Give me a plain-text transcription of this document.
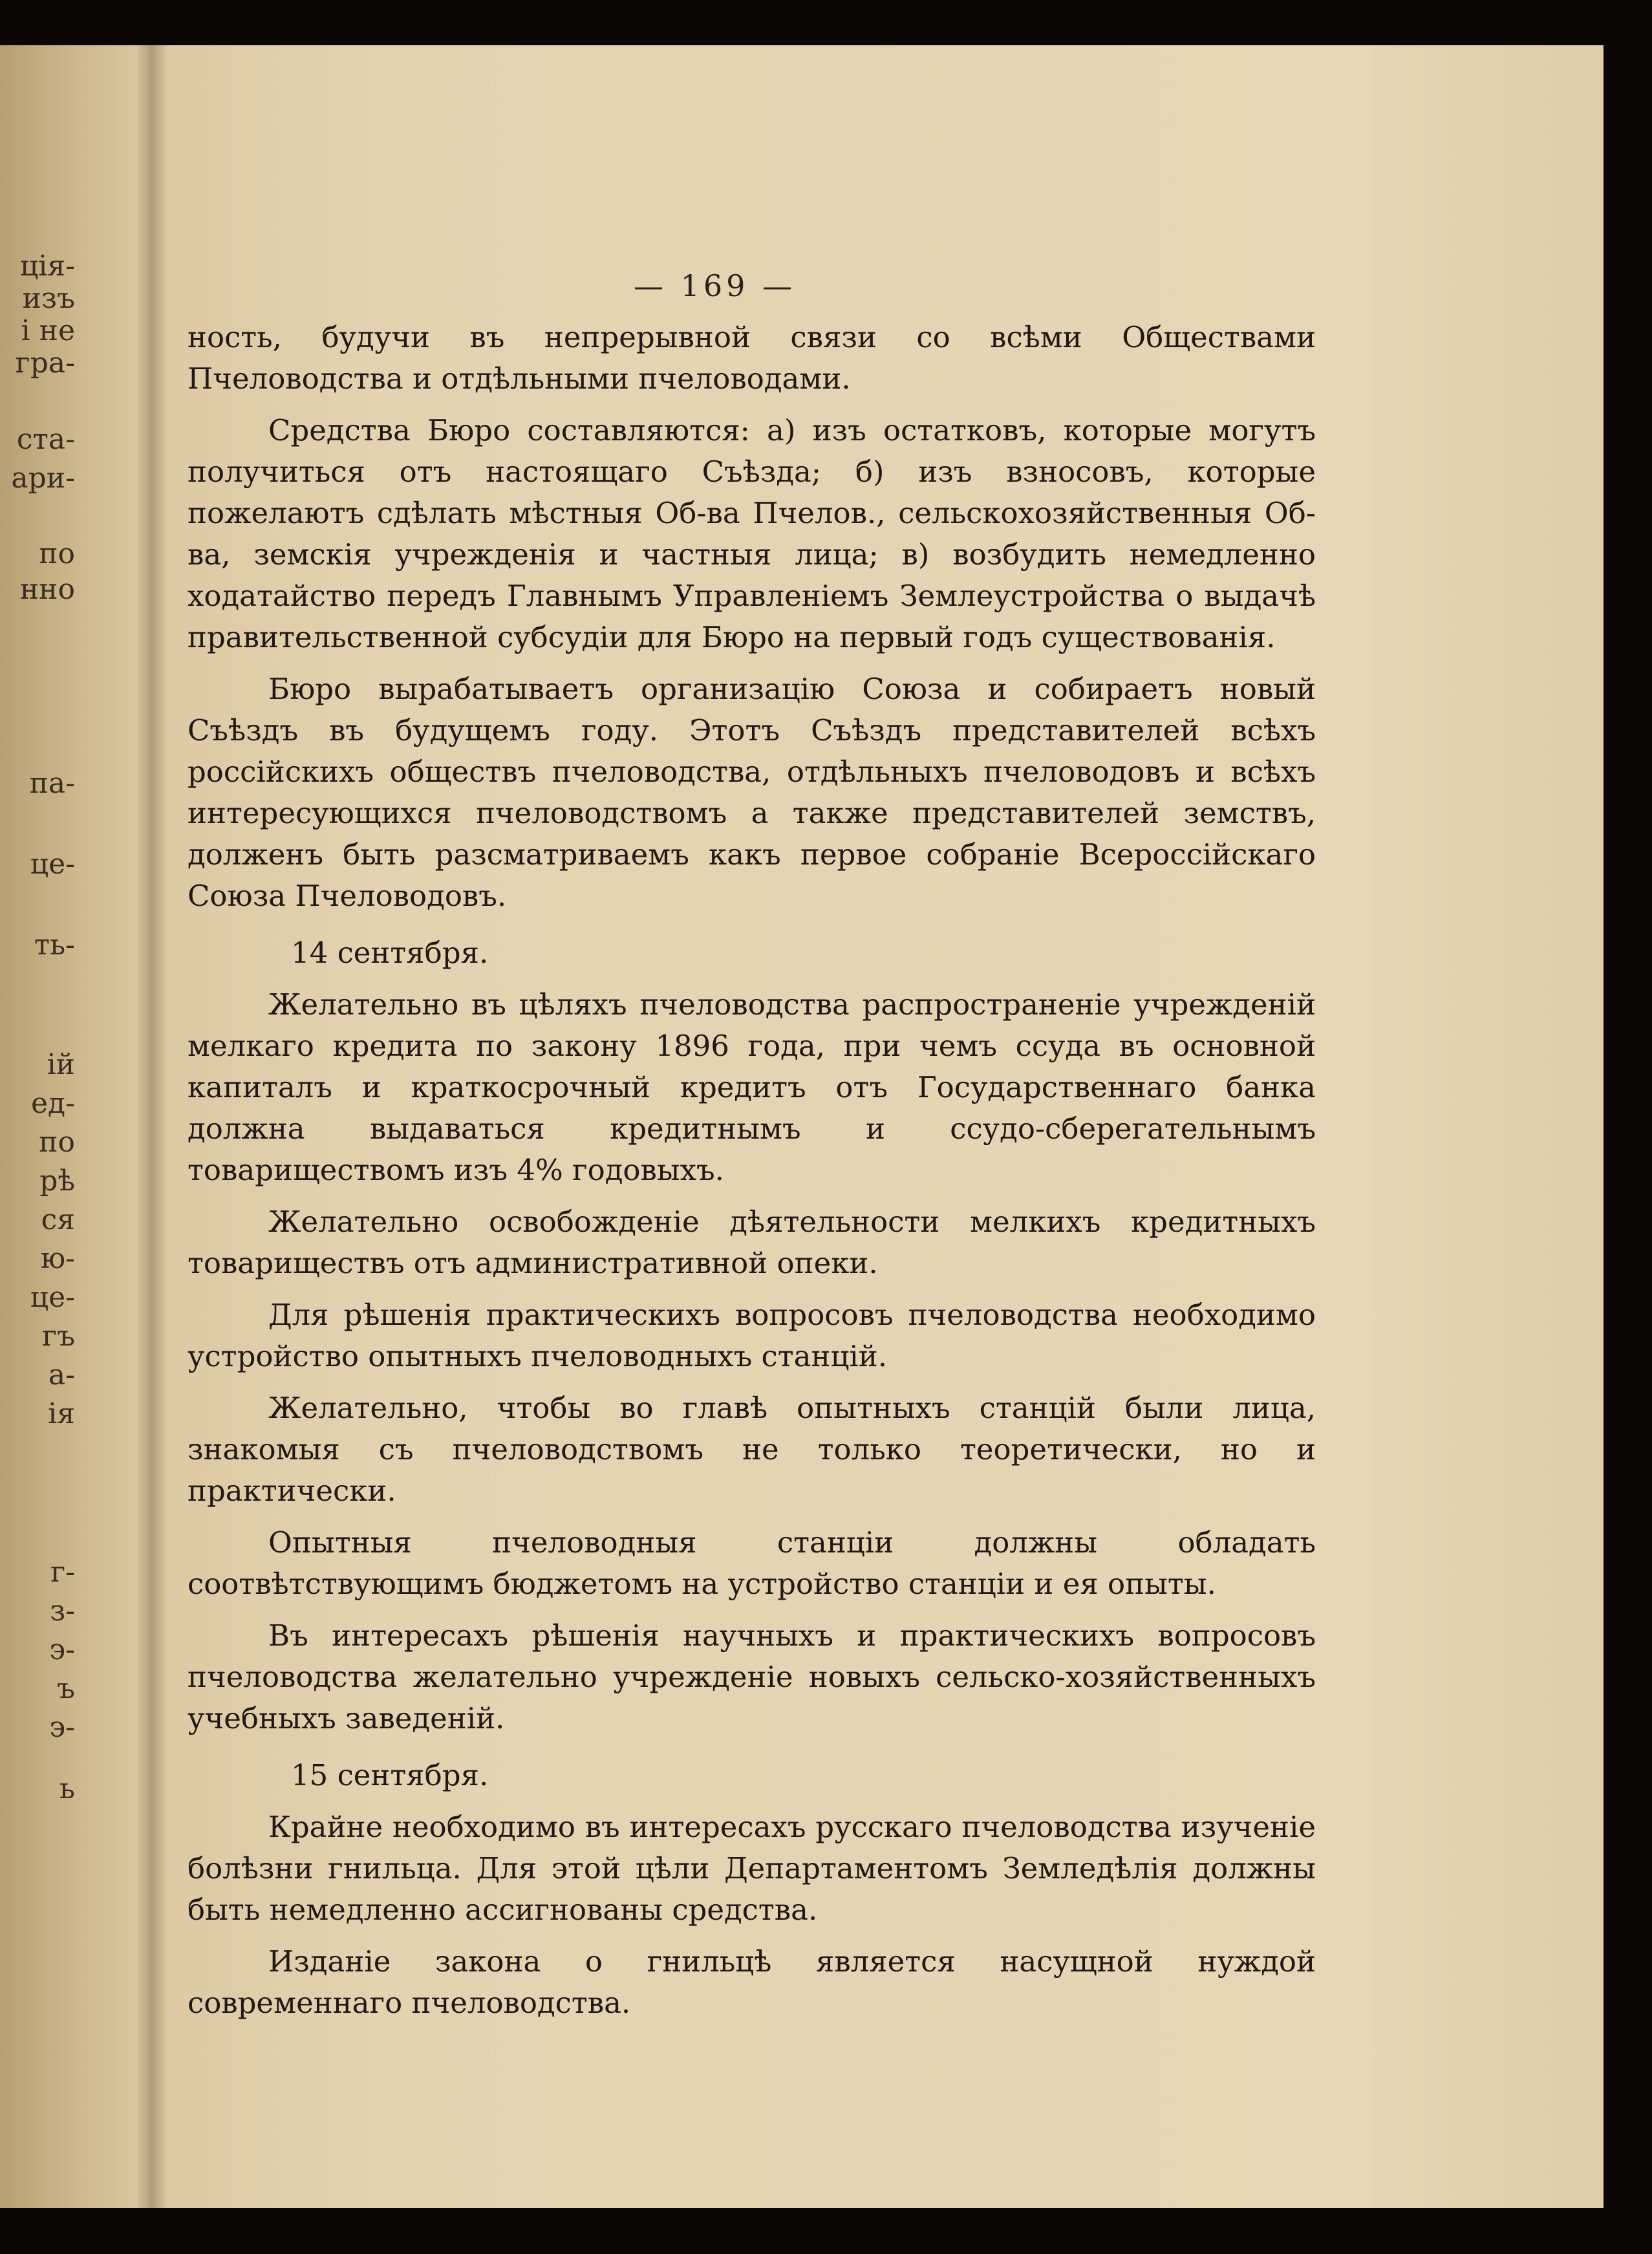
ція-
изъ
і не
гра-
ста-
ари-
по
нно
па-
це-
ть-
ій
ед-
по
рѣ
ся
ю-
це-
гъ
а-
ія
г-
з-
э-
ъ
э-
ь
— 169 —

ность, будучи въ непрерывной связи со всѣми Обществами Пчеловодства и отдѣльными пчеловодами.

Средства Бюро составляются: а) изъ остатковъ, которые могутъ получиться отъ настоящаго Съѣзда; б) изъ взносовъ, которые пожелаютъ сдѣлать мѣстныя Об-ва Пчелов., сельскохозяйственныя Об-ва, земскія учрежденія и частныя лица; в) возбудить немедленно ходатайство передъ Главнымъ Управленіемъ Землеустройства о выдачѣ правительственной субсудіи для Бюро на первый годъ существованія.

Бюро вырабатываетъ организацію Союза и собираетъ новый Съѣздъ въ будущемъ году. Этотъ Съѣздъ представителей всѣхъ россійскихъ обществъ пчеловодства, отдѣльныхъ пчеловодовъ и всѣхъ интересующихся пчеловодствомъ а также представителей земствъ, долженъ быть разсматриваемъ какъ первое собраніе Всероссійскаго Союза Пчеловодовъ.

14 сентября.

Желательно въ цѣляхъ пчеловодства распространеніе учрежденій мелкаго кредита по закону 1896 года, при чемъ ссуда въ основной капиталъ и краткосрочный кредитъ отъ Государственнаго банка должна выдаваться кредитнымъ и ссудо-сберегательнымъ товариществомъ изъ 4% годовыхъ.

Желательно освобожденіе дѣятельности мелкихъ кредитныхъ товариществъ отъ административной опеки.

Для рѣшенія практическихъ вопросовъ пчеловодства необходимо устройство опытныхъ пчеловодныхъ станцій.

Желательно, чтобы во главѣ опытныхъ станцій были лица, знакомыя съ пчеловодствомъ не только теоретически, но и практически.

Опытныя пчеловодныя станціи должны обладать соотвѣтствующимъ бюджетомъ на устройство станціи и ея опыты.

Въ интересахъ рѣшенія научныхъ и практическихъ вопросовъ пчеловодства желательно учрежденіе новыхъ сельско-хозяйственныхъ учебныхъ заведеній.

15 сентября.

Крайне необходимо въ интересахъ русскаго пчеловодства изученіе болѣзни гнильца. Для этой цѣли Департаментомъ Земледѣлія должны быть немедленно ассигнованы средства.

Изданіе закона о гнильцѣ является насущной нуждой современнаго пчеловодства.
